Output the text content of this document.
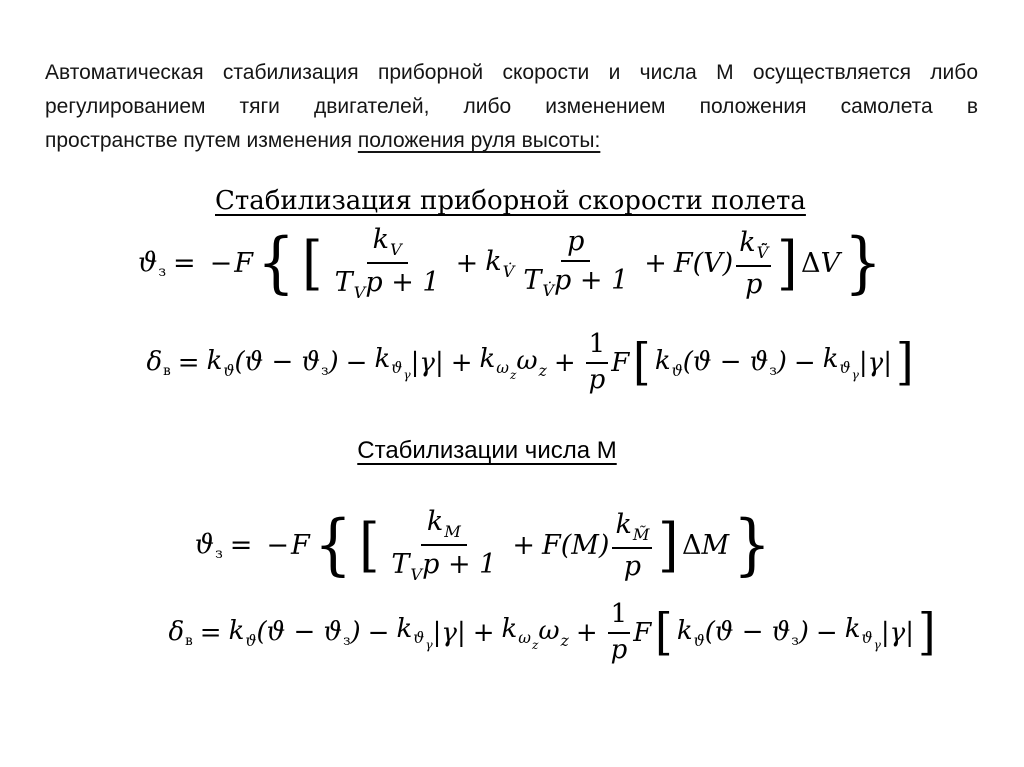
Автоматическая стабилизация приборной скорости и числа М осуществляется либо
регулированием тяги двигателей, либо изменением положения самолета в
пространстве путем изменения положения руля высоты:
Стабилизация приборной скорости полета
ϑз = − F { [ $\frac{k_V}{T_Vp + 1} + k_{V̇} \frac{p}{T_{V̇}p + 1} + F(V) \frac{k_{V̈̃}}{p}$ ] ΔV }
$\delta в = k_ϑ$ $(ϑ - ϑз) - k_{ϑ_\gamma}$ $|\gamma| + k_{\omega_z}$ $\omega_z + \frac{1}{p}$ F [ $k_ϑ$ $(ϑ - ϑз) - k_{ϑ_\gamma}$ |γ| ]
Стабилизации числа М
ϑз = − F { [ $\frac{k_M}{T_Vp + 1} + F(M) \frac{k_{M̃}}{p}$ ] ΔM }
$\delta в = k_ϑ$ $(ϑ - ϑз) - k_{ϑ_\gamma}$ $|\gamma| + k_{\omega_z}$ $\omega_z + \frac{1}{p}$ F [ $k_ϑ$ $(ϑ - ϑз) - k_{ϑ_\gamma}$ |γ| ]
